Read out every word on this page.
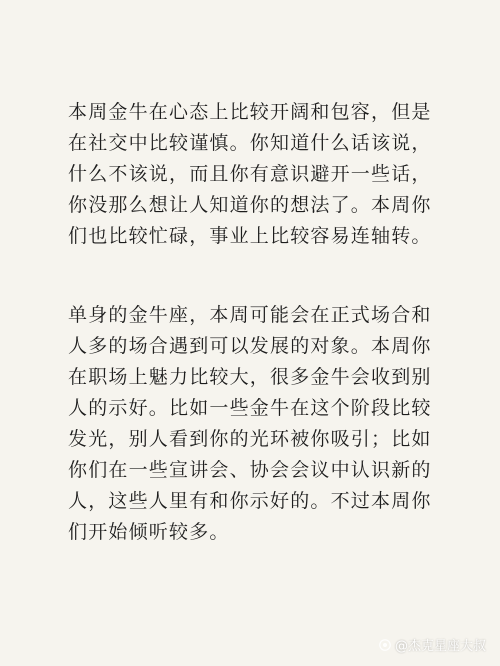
本周金牛在心态上比较开阔和包容，但是
在社交中比较谨慎。你知道什么话该说，
什么不该说，而且你有意识避开一些话，
你没那么想让人知道你的想法了。本周你
们也比较忙碌，事业上比较容易连轴转。

单身的金牛座，本周可能会在正式场合和
人多的场合遇到可以发展的对象。本周你
在职场上魅力比较大，很多金牛会收到别
人的示好。比如一些金牛在这个阶段比较
发光，别人看到你的光环被你吸引；比如
你们在一些宣讲会、协会会议中认识新的
人，这些人里有和你示好的。不过本周你
们开始倾听较多。

@杰克星座大叔
